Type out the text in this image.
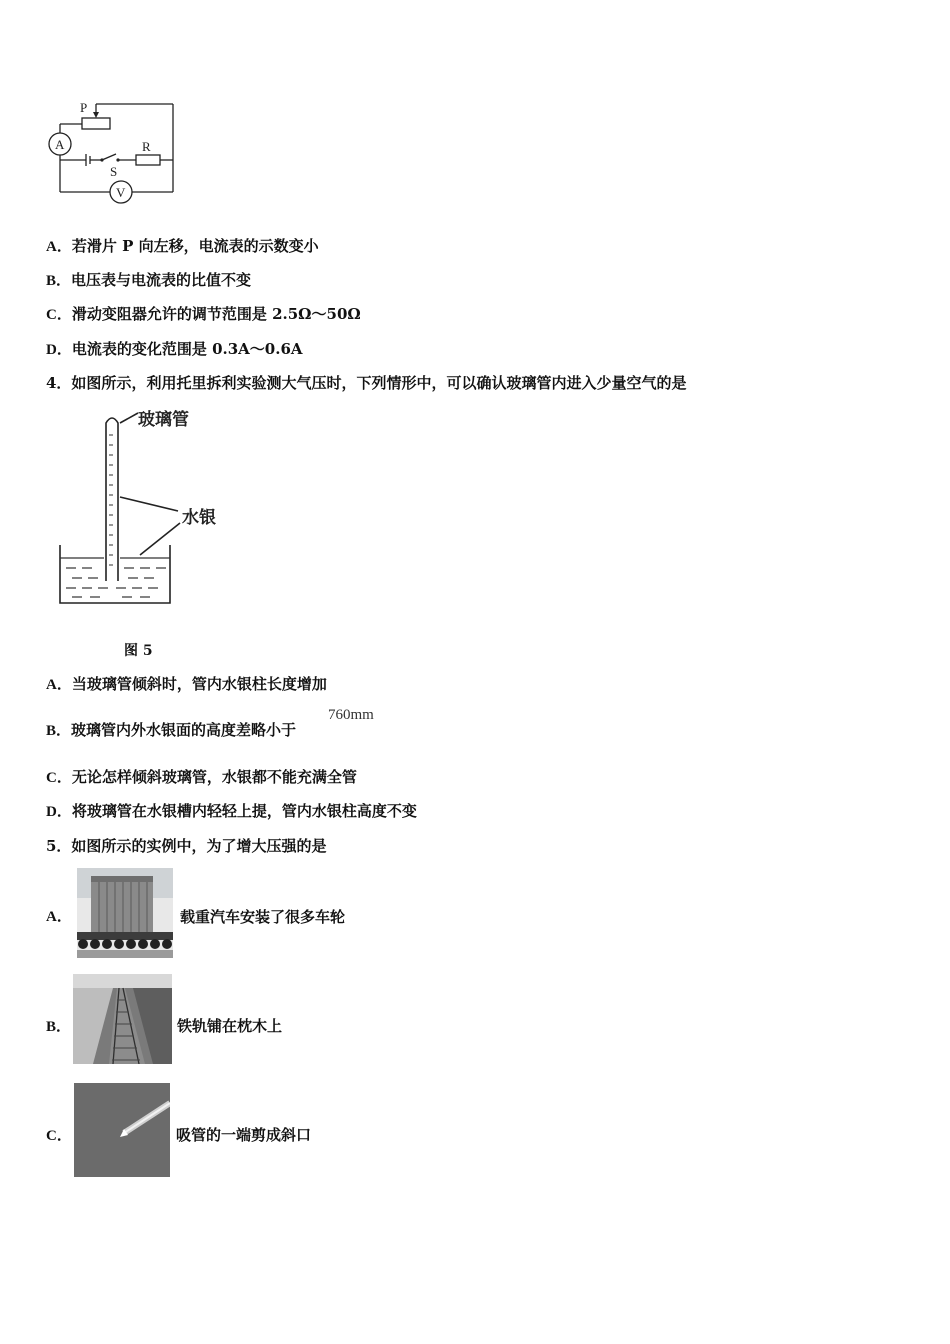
P
A	R
S
V
A．若滑片 P 向左移，电流表的示数变小
B．电压表与电流表的比值不变
C．滑动变阻器允许的调节范围是 2.5Ω～50Ω
D．电流表的变化范围是 0.3A～0.6A
4．如图所示，利用托里拆利实验测大气压时，下列情形中，可以确认玻璃管内进入少量空气的是
玻璃管
水银
图 5
A．当玻璃管倾斜时，管内水银柱长度增加
B．玻璃管内外水银面的高度差略小于
760mm
C．无论怎样倾斜玻璃管，水银都不能充满全管
D．将玻璃管在水银槽内轻轻上提，管内水银柱高度不变
5．如图所示的实例中，为了增大压强的是
A．	载重汽车安装了很多车轮
B．	铁轨铺在枕木上
C．	吸管的一端剪成斜口
